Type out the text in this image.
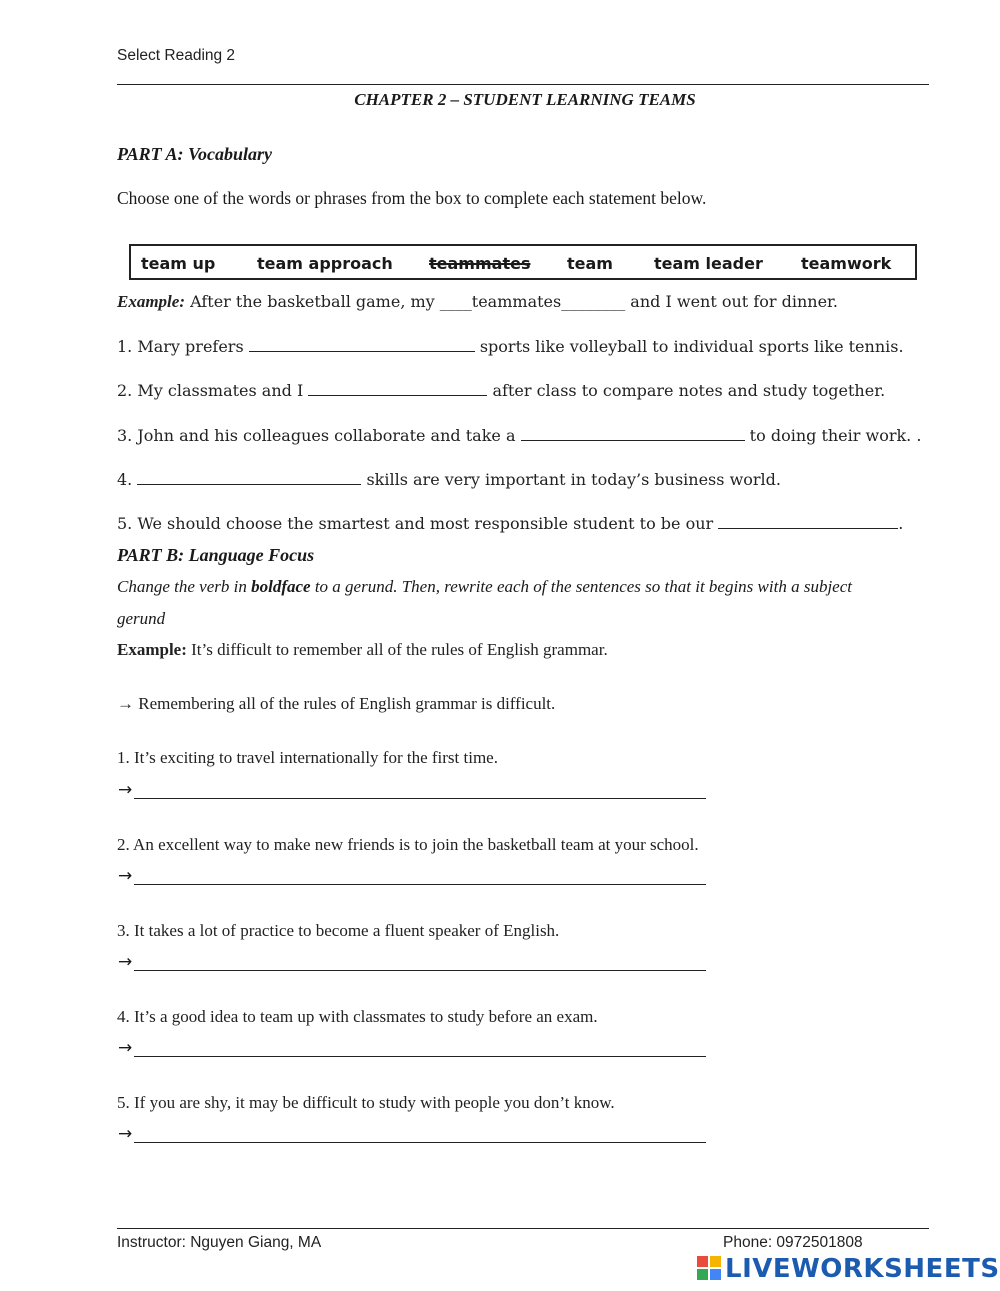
Select Reading 2
CHAPTER 2 – STUDENT LEARNING TEAMS
PART A: Vocabulary
Choose one of the words or phrases from the box to complete each statement below.
team up	team approach teammates team	team leader teamwork
Example: After the basketball game, my ____teammates________ and I went out for dinner.
1. Mary prefers	sports like volleyball to individual sports like tennis.
2. My classmates and I	after class to compare notes and study together.
3. John and his colleagues collaborate and take a	to doing their work. .
4.	skills are very important in today’s business world.
5. We should choose the smartest and most responsible student to be our	.
PART B: Language Focus
Change the verb in boldface to a gerund. Then, rewrite each of the sentences so that it begins with a subject
gerund
Example: It’s difficult to remember all of the rules of English grammar.
→ Remembering all of the rules of English grammar is difficult.
1. It’s exciting to travel internationally for the first time.
→
2. An excellent way to make new friends is to join the basketball team at your school.
→
3. It takes a lot of practice to become a fluent speaker of English.
→
4. It’s a good idea to team up with classmates to study before an exam.
→
5. If you are shy, it may be difficult to study with people you don’t know.
→
Instructor: Nguyen Giang, MA	Phone: 0972501808
LIVEWORKSHEETS
